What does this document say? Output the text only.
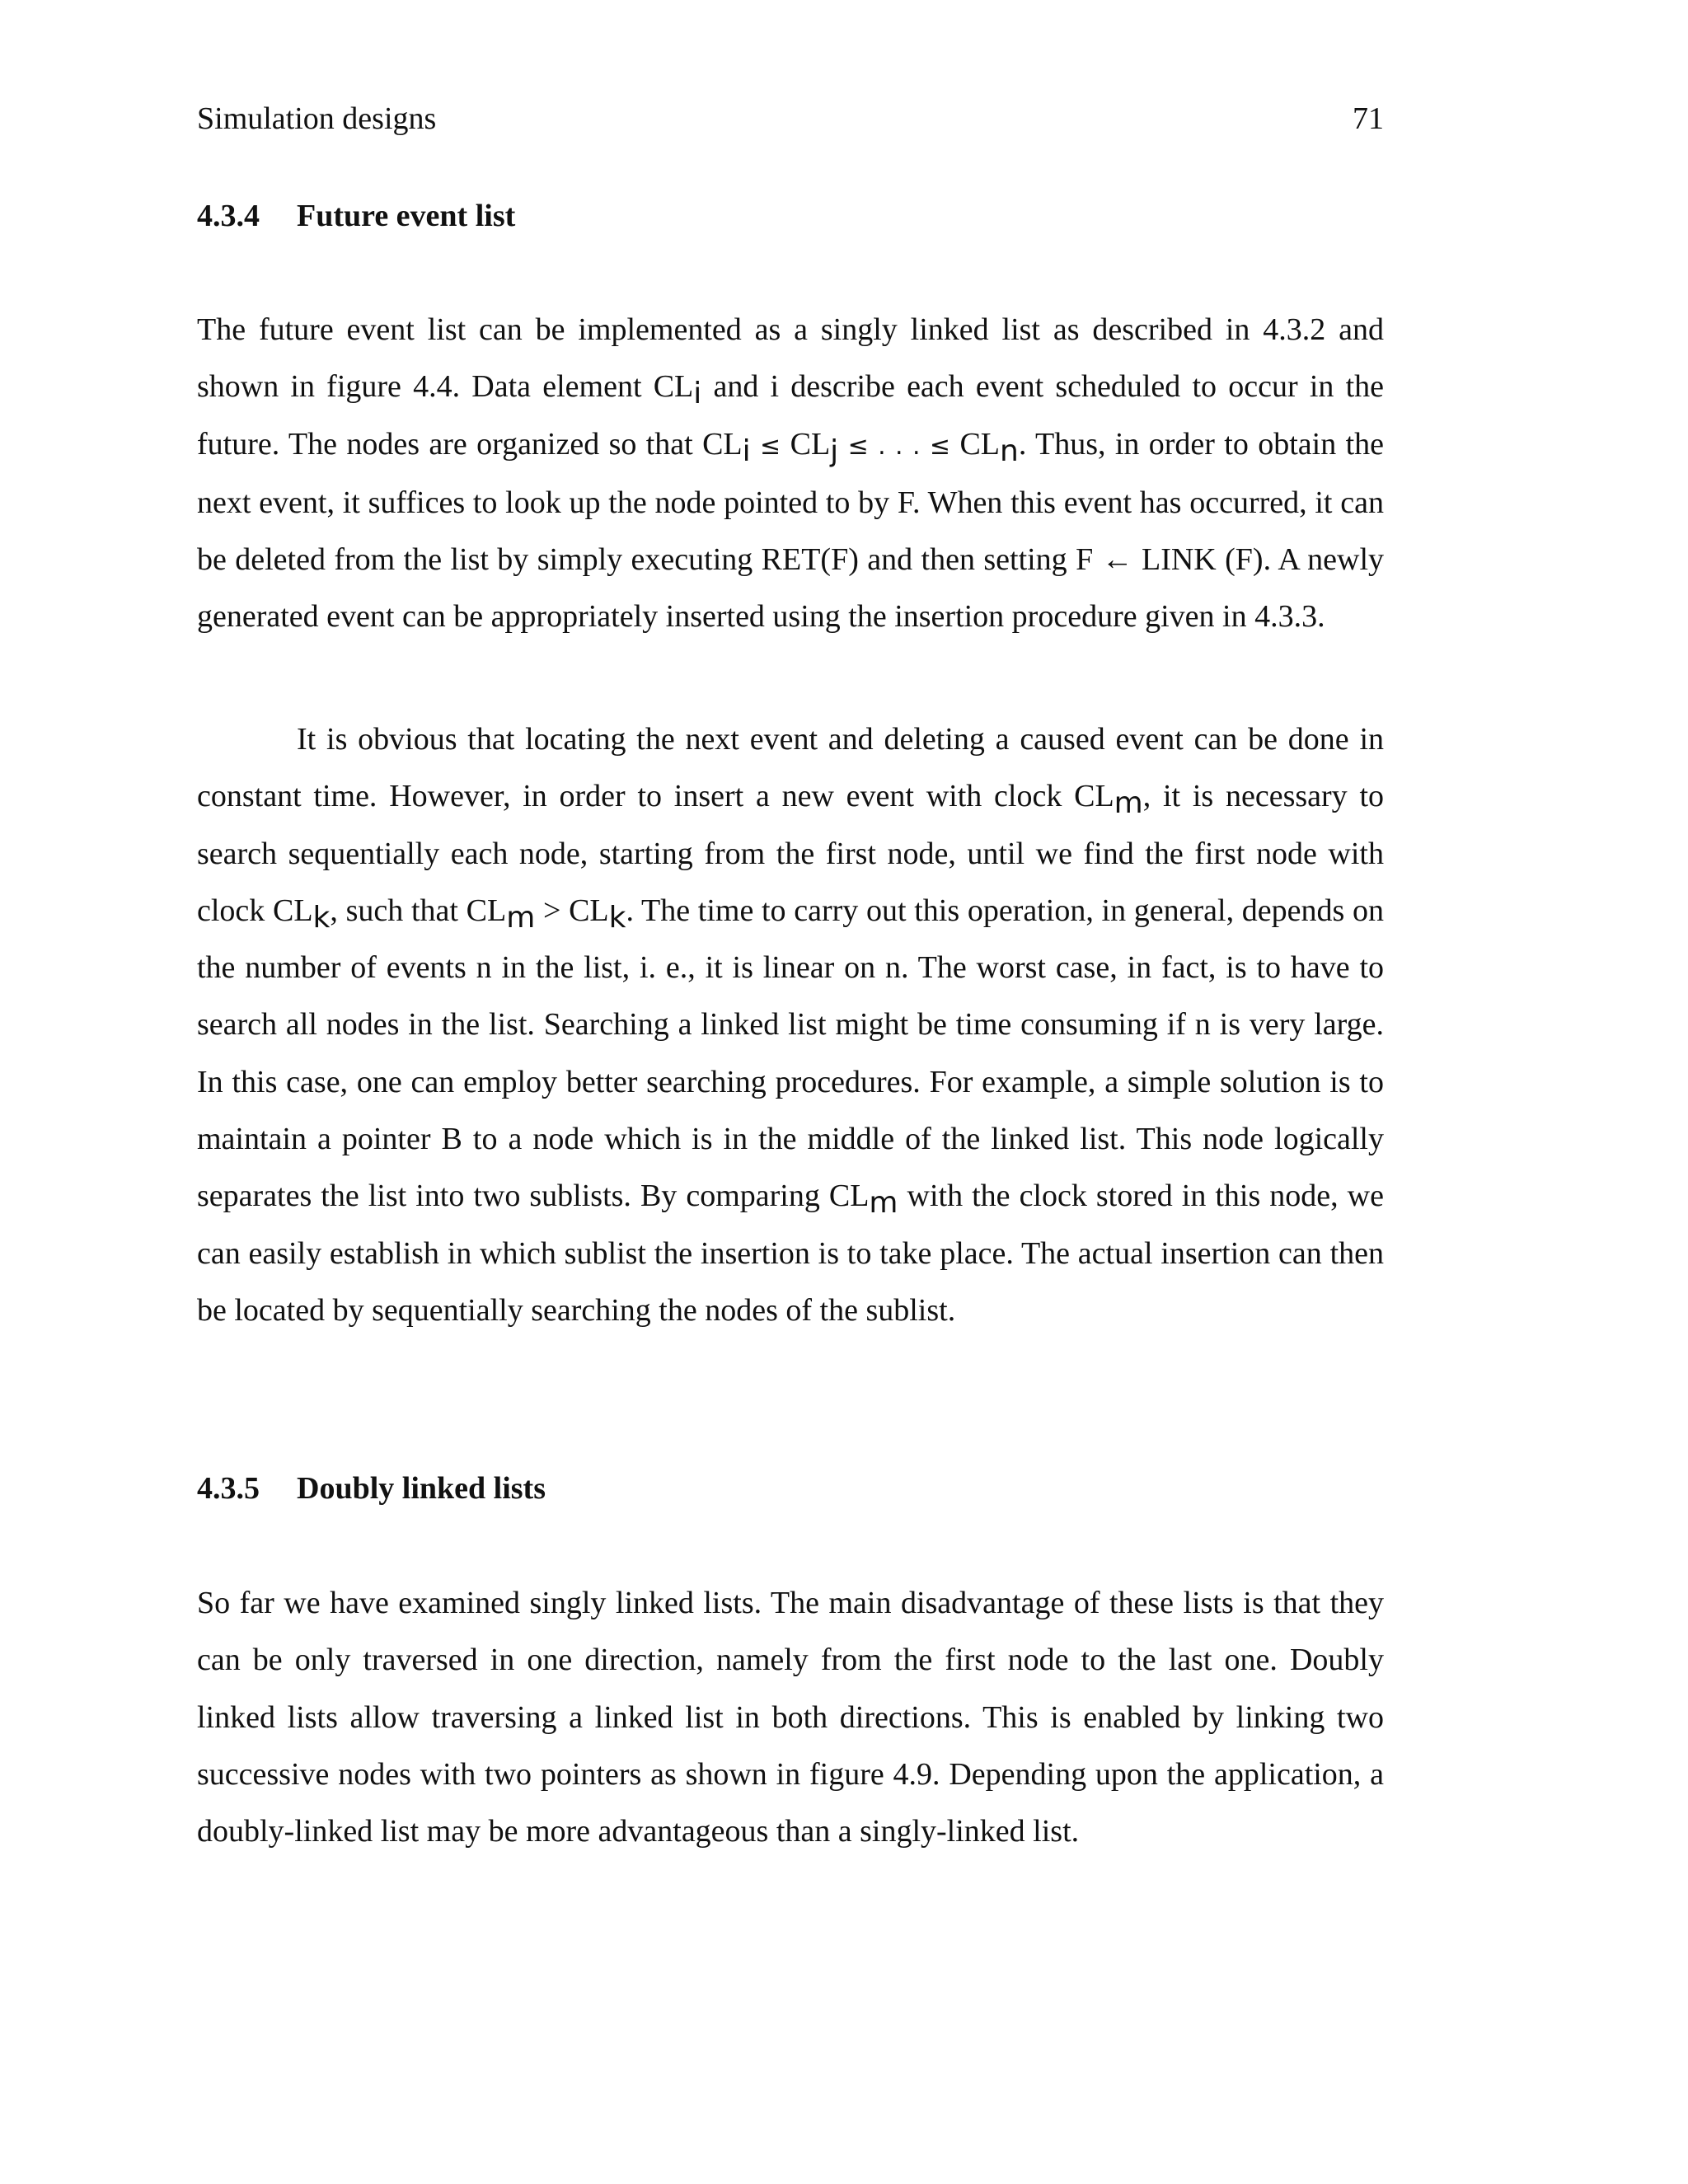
Simulation designs	71
4.3.4 Future event list

The future event list can be implemented as a singly linked list as described in 4.3.2 and shown in figure 4.4. Data element CLi and i describe each event scheduled to occur in the future. The nodes are organized so that CLi ≤ CLj ≤ . . . ≤ CLn. Thus, in order to obtain the next event, it suffices to look up the node pointed to by F. When this event has occurred, it can be deleted from the list by simply executing RET(F) and then setting F ← LINK (F). A newly generated event can be appropriately inserted using the insertion procedure given in 4.3.3.

It is obvious that locating the next event and deleting a caused event can be done in constant time. However, in order to insert a new event with clock CLm, it is necessary to search sequentially each node, starting from the first node, until we find the first node with clock CLk, such that CLm > CLk. The time to carry out this operation, in general, depends on the number of events n in the list, i. e., it is linear on n. The worst case, in fact, is to have to search all nodes in the list. Searching a linked list might be time consuming if n is very large. In this case, one can employ better searching procedures. For example, a simple solution is to maintain a pointer B to a node which is in the middle of the linked list. This node logically separates the list into two sublists. By comparing CLm with the clock stored in this node, we can easily establish in which sublist the insertion is to take place. The actual insertion can then be located by sequentially searching the nodes of the sublist.

4.3.5 Doubly linked lists

So far we have examined singly linked lists. The main disadvantage of these lists is that they can be only traversed in one direction, namely from the first node to the last one. Doubly linked lists allow traversing a linked list in both directions. This is enabled by linking two successive nodes with two pointers as shown in figure 4.9. Depending upon the application, a doubly-linked list may be more advantageous than a singly-linked list.
